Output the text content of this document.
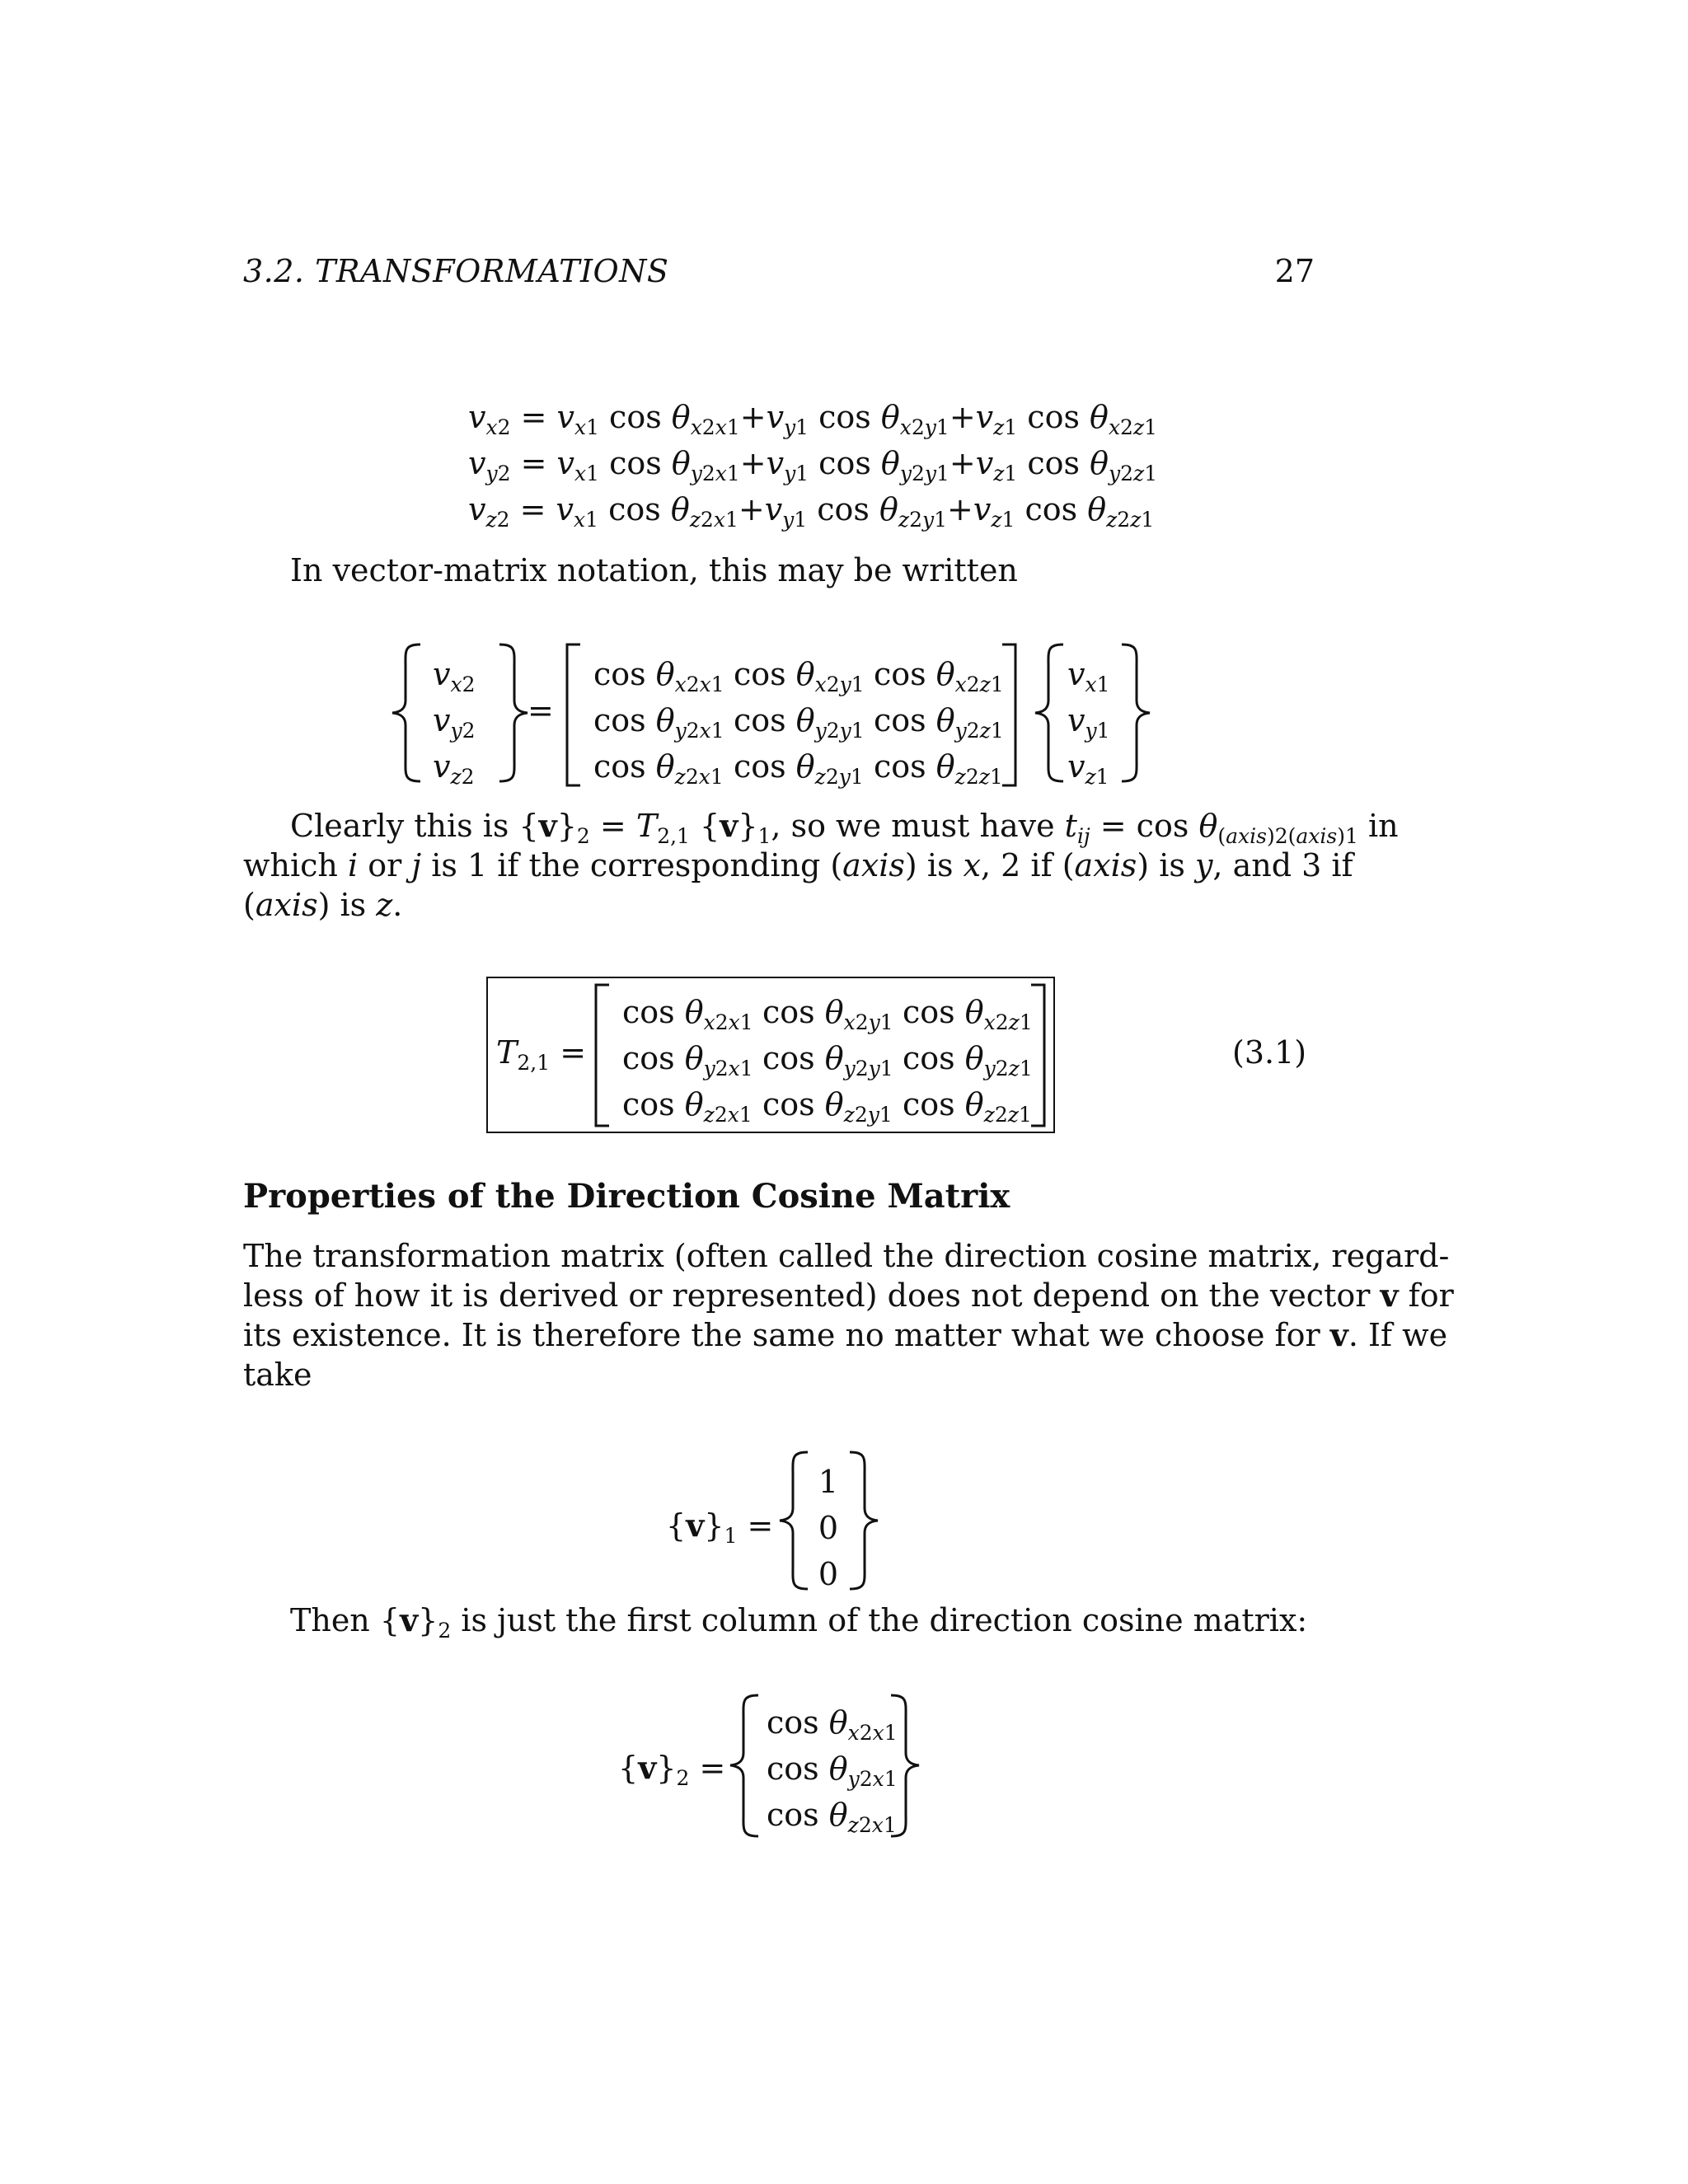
3.2. TRANSFORMATIONS	27
$v_{x2} = v_{x1}$ $\cos \theta_{x2x1}+v_{y1}$ $\cos \theta_{x2y1}+v_{z1}$ $\cos \theta_{x2z1}$
$v_{y2} = v_{x1}$ $\cos \theta_{y2x1}+v_{y1}$ $\cos \theta_{y2y1}+v_{z1}$ $\cos \theta_{y2z1}$
$v_{z2} = v_{x1}$ $\cos \theta_{z2x1}+v_{y1}$ $\cos \theta_{z2y1}+v_{z1}$ $\cos \theta_{z2z1}$
In vector-matrix notation, this may be written
$v_{x2}$
$v_{y2}$
$v_{z2}$
=
$\cos \theta_{x2x1}$ $\cos \theta_{x2y1}$ $\cos \theta_{x2z1}$
$\cos \theta_{y2x1}$ $\cos \theta_{y2y1}$ $\cos \theta_{y2z1}$
$\cos \theta_{z2x1}$ $\cos \theta_{z2y1}$ $\cos \theta_{z2z1}$
$v_{x1}$
$v_{y1}$
$v_{z1}$
Clearly this is $\{v\}_2 = T_{2,1}$ $\{v\}_1$, so we must have $t_{ij} = \cos \theta_{(axis)2(axis)1}$ in
which i or j is 1 if the corresponding (axis) is x, 2 if (axis) is y, and 3 if
(axis) is z.
$T_{2,1}$ =
$\cos \theta_{x2x1}$ $\cos \theta_{x2y1}$ $\cos \theta_{x2z1}$
$\cos \theta_{y2x1}$ $\cos \theta_{y2y1}$ $\cos \theta_{y2z1}$
$\cos \theta_{z2x1}$ $\cos \theta_{z2y1}$ $\cos \theta_{z2z1}$
(3.1)
Properties of the Direction Cosine Matrix
The transformation matrix (often called the direction cosine matrix, regard-
less of how it is derived or represented) does not depend on the vector v for
its existence. It is therefore the same no matter what we choose for v. If we
take
$\{v\}_1$ =
1
0
0
Then $\{v\}_2$ is just the first column of the direction cosine matrix:
$\{v\}_2$ =
$\cos \theta_{x2x1}$
$\cos \theta_{y2x1}$
$\cos \theta_{z2x1}$
